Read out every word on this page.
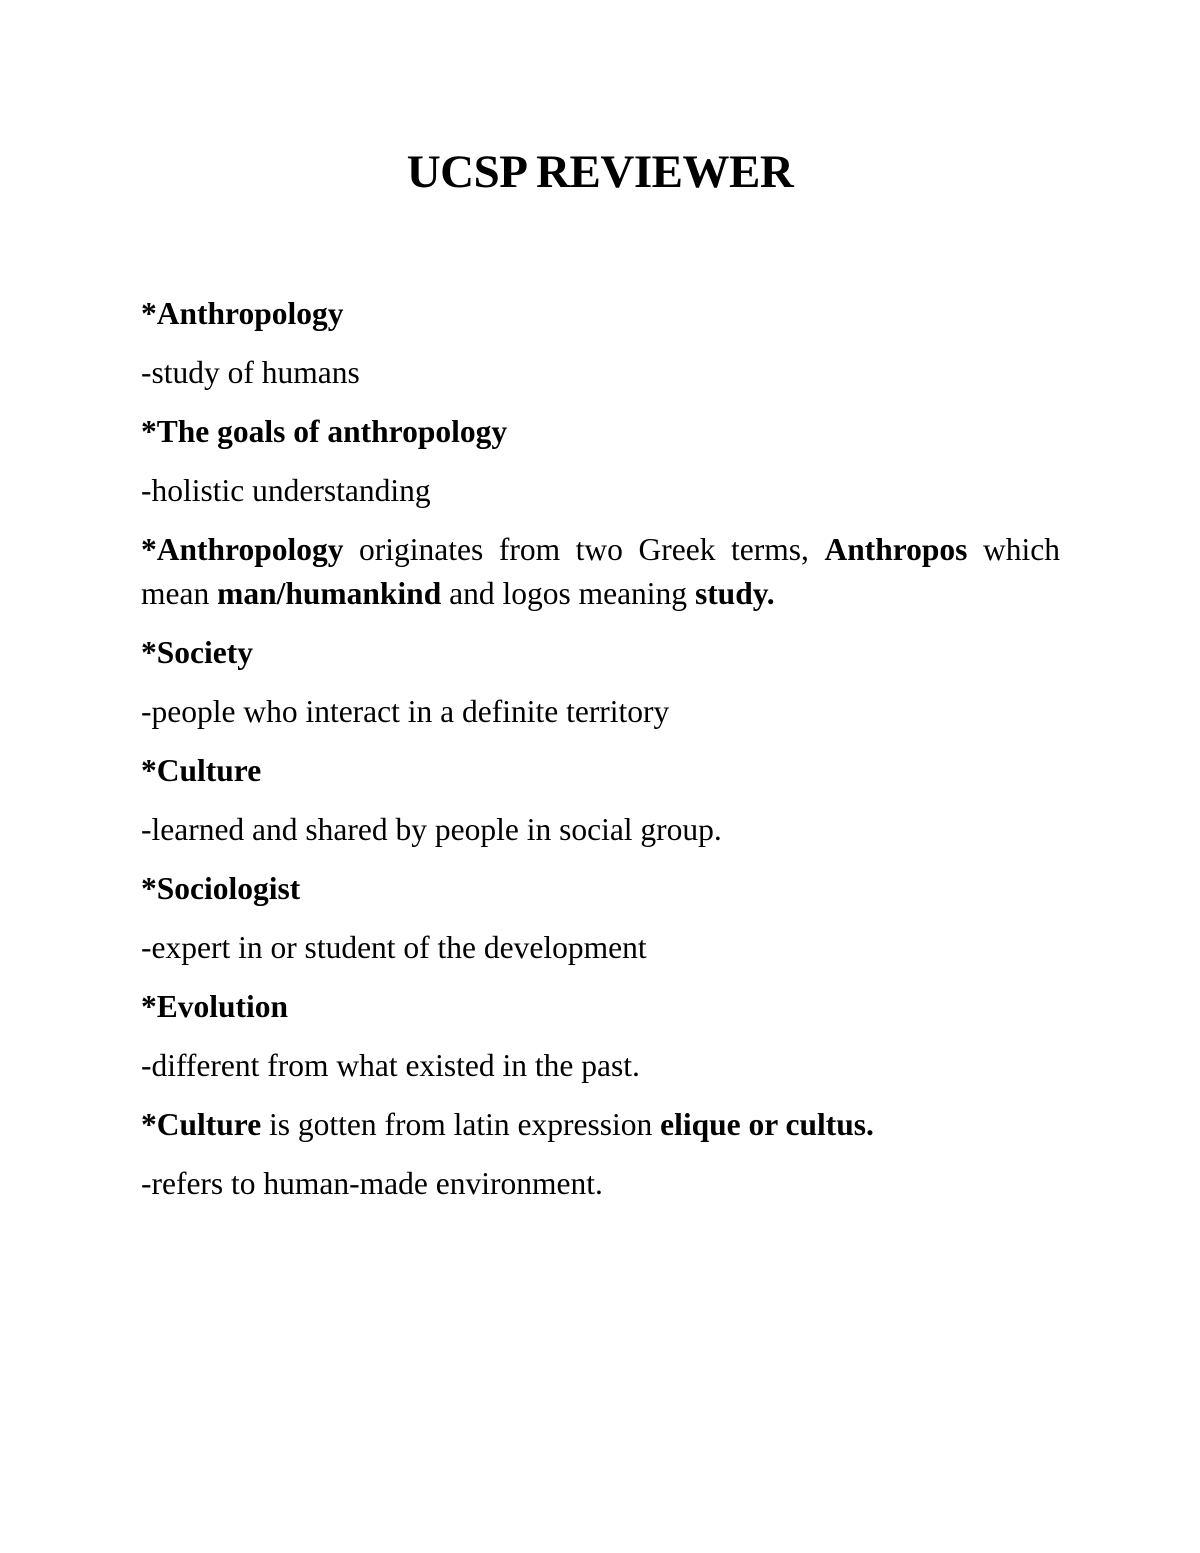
UCSP REVIEWER

*Anthropology

-study of humans

*The goals of anthropology

-holistic understanding

*Anthropology originates from two Greek terms, Anthropos which mean man/humankind and logos meaning study.

*Society

-people who interact in a definite territory

*Culture

-learned and shared by people in social group.

*Sociologist

-expert in or student of the development

*Evolution

-different from what existed in the past.

*Culture is gotten from latin expression elique or cultus.

-refers to human-made environment.
